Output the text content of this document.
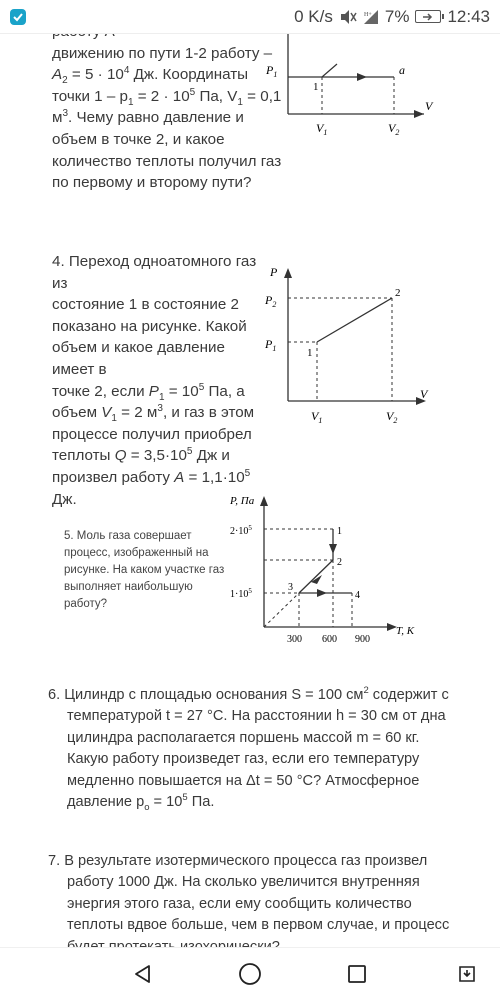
0 K/s	H+ 7% 12:43
движению по пути 1-2 работу –
$A_2 = 5 \cdot 10^4$ Дж. Координаты
точки $1 - p_1 = 2 \cdot 10^5$ Па, $V_1 = 0,1$
$м^3$. Чему равно давление и
объем в точке 2, и какое
количество теплоты получил газ
по первому и второму пути?
$P_1$
1
a
$V_1$	$V_2$
V
4. Переход одноатомного газ из
состояние 1 в состояние 2
показано на рисунке. Какой
объем и какое давление имеет в
точке 2, если $P_1 = 10^5$ Па, а
объем $V_1 = 2$ $м^3$, и газ в этом
процессе получил приобрел
теплоты $Q = 3,5\cdot 10^5$ Дж и
произвел работу $A = 1,1\cdot 10^5$ Дж.
P
$P_2$
$P_1$	1
2
$V_1$	$V_2$
V
5. Моль газа совершает
процесс, изображенный на
рисунке. На каком участке газ
выполняет наибольшую
работу?
P, Па
$2\cdot 10^5$
$1\cdot 10^5$
1
2
3
4
300 600 900
T, К
6. Цилиндр с площадью основания S = 100 $см^2$ содержит с
температурой t = 27 °C. На расстоянии h = 30 см от дна
цилиндра располагается поршень массой m = 60 кг.
Какую работу произведет газ, если его температуру
медленно повышается на Δt = 50 °C? Атмосферное
давление $p_o = 10^5$ Па.
7. В результате изотермического процесса газ произвел
работу 1000 Дж. На сколько увеличится внутренняя
энергия этого газа, если ему сообщить количество
теплоты вдвое больше, чем в первом случае, и процесс
